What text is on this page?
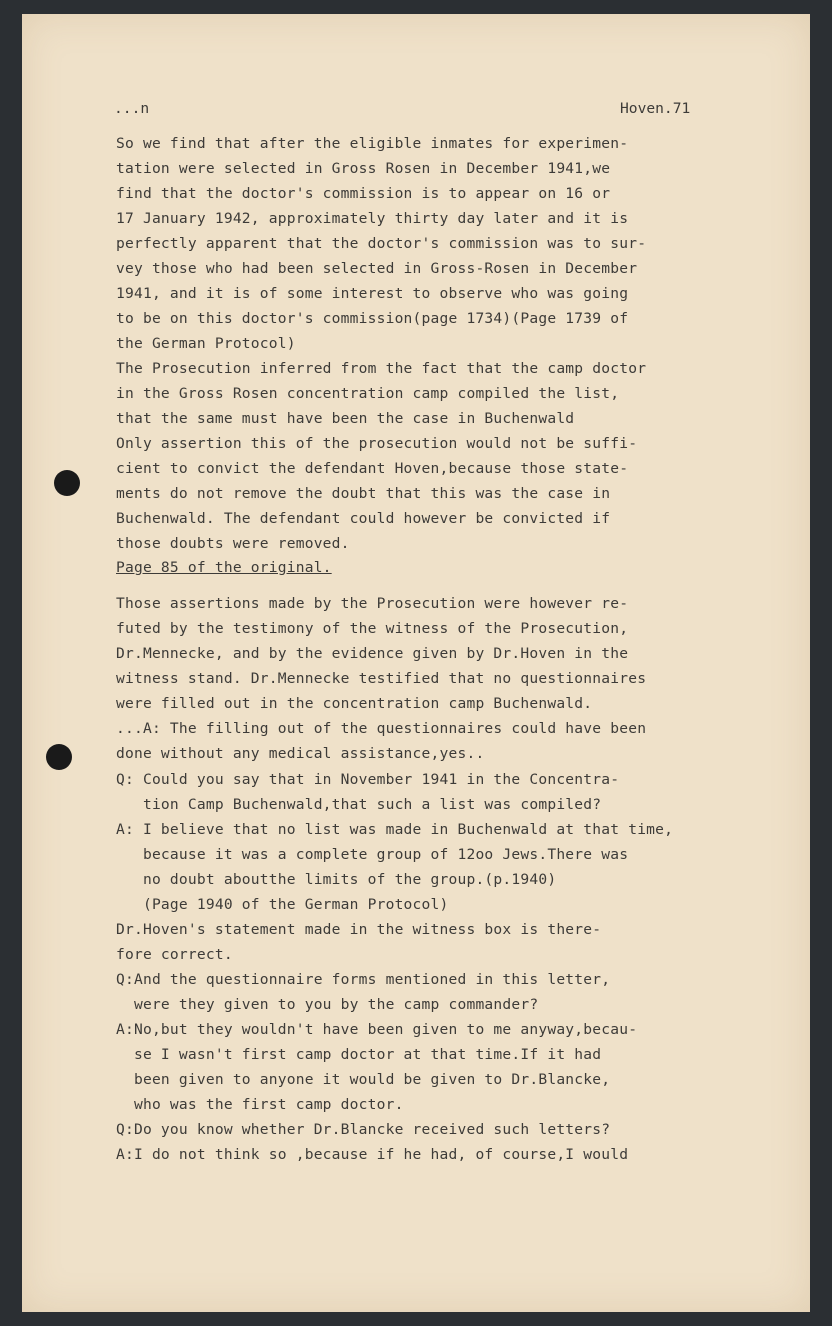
...n	Hoven.71
So we find that after the eligible inmates for experimen-
tation were selected in Gross Rosen in December 1941,we
find that the doctor's commission is to appear on 16 or
17 January 1942, approximately thirty day later and it is
perfectly apparent that the doctor's commission was to sur-
vey those who had been selected in Gross-Rosen in December
1941, and it is of some interest to observe who was going
to be on this doctor's commission(page 1734)(Page 1739 of
the German Protocol)
The Prosecution inferred from the fact that the camp doctor
in the Gross Rosen concentration camp compiled the list,
that the same must have been the case in Buchenwald
Only assertion this of the prosecution would not be suffi-
cient to convict the defendant Hoven,because those state-
ments do not remove the doubt that this was the case in
Buchenwald. The defendant could however be convicted if
those doubts were removed.
Page 85 of the original.
Those assertions made by the Prosecution were however re-
futed by the testimony of the witness of the Prosecution,
Dr.Mennecke, and by the evidence given by Dr.Hoven in the
witness stand. Dr.Mennecke testified that no questionnaires
were filled out in the concentration camp Buchenwald.
...A: The filling out of the questionnaires could have been
done without any medical assistance,yes..
Q: Could you say that in November 1941 in the Concentra-
tion Camp Buchenwald,that such a list was compiled?
A: I believe that no list was made in Buchenwald at that time,
because it was a complete group of 12oo Jews.There was
no doubt aboutthe limits of the group.(p.1940)
(Page 1940 of the German Protocol)
Dr.Hoven's statement made in the witness box is there-
fore correct.
Q:And the questionnaire forms mentioned in this letter,
were they given to you by the camp commander?
A:No,but they wouldn't have been given to me anyway,becau-
se I wasn't first camp doctor at that time.If it had
been given to anyone it would be given to Dr.Blancke,
who was the first camp doctor.
Q:Do you know whether Dr.Blancke received such letters?
A:I do not think so ,because if he had, of course,I would
